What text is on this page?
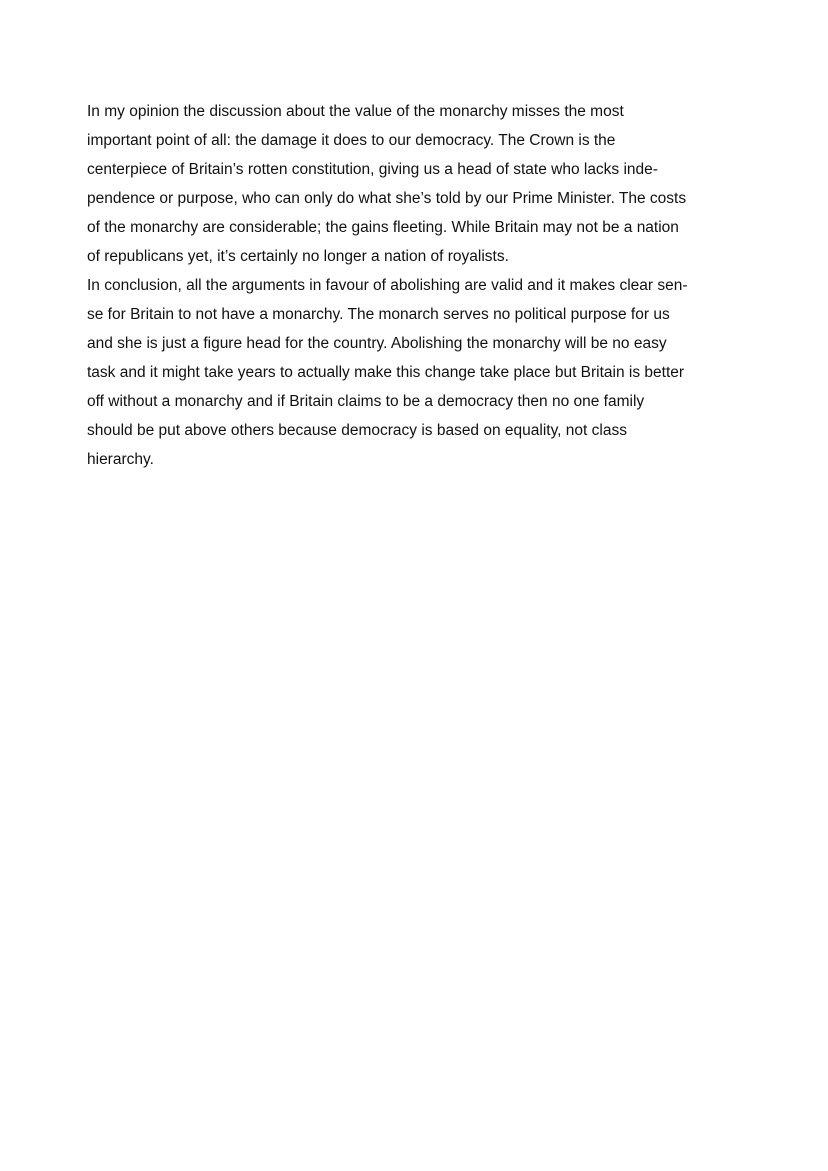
In my opinion the discussion about the value of the monarchy misses the most
important point of all: the damage it does to our democracy. The Crown is the
centerpiece of Britain’s rotten constitution, giving us a head of state who lacks inde-
pendence or purpose, who can only do what she’s told by our Prime Minister. The costs
of the monarchy are considerable; the gains fleeting. While Britain may not be a nation
of republicans yet, it’s certainly no longer a nation of royalists.
In conclusion, all the arguments in favour of abolishing are valid and it makes clear sen-
se for Britain to not have a monarchy. The monarch serves no political purpose for us
and she is just a figure head for the country. Abolishing the monarchy will be no easy
task and it might take years to actually make this change take place but Britain is better
off without a monarchy and if Britain claims to be a democracy then no one family
should be put above others because democracy is based on equality, not class
hierarchy.
